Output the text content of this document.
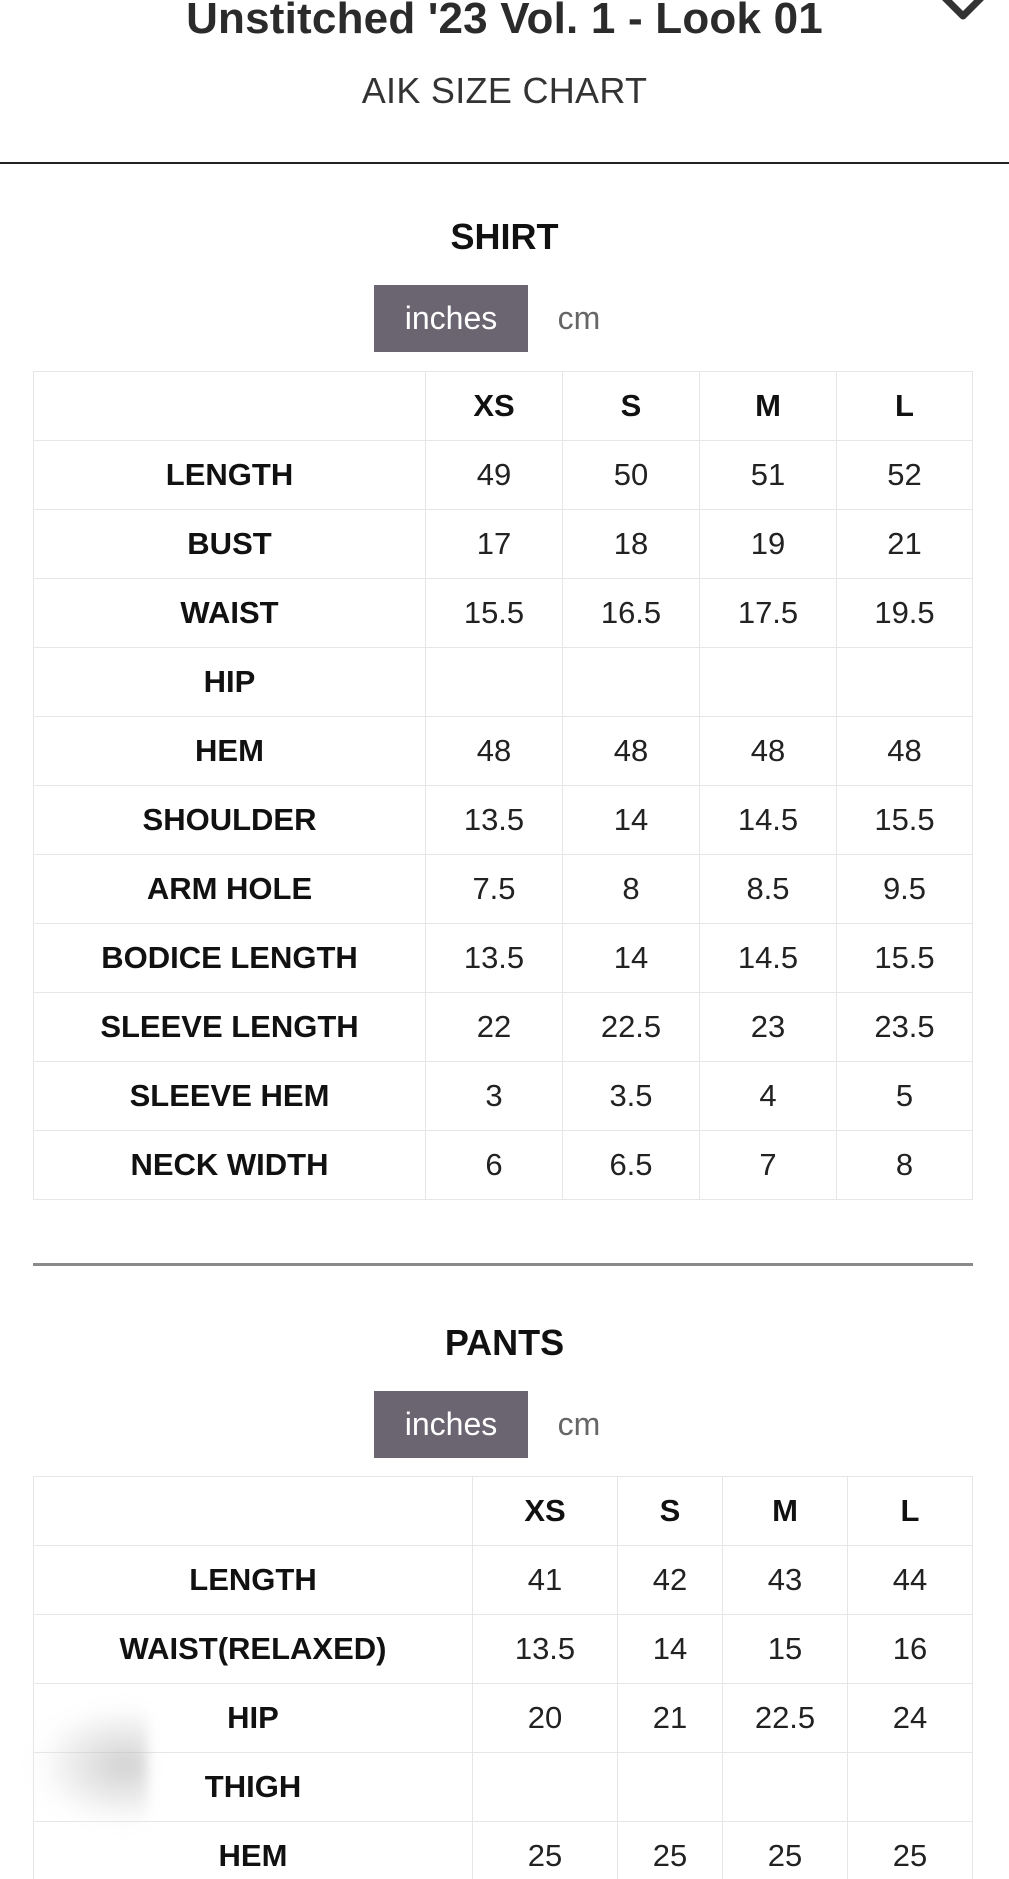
Unstitched '23 Vol. 1 - Look 01
AIK SIZE CHART
SHIRT
inches	cm
	XS	S	M	L
LENGTH	49	50	51	52
BUST	17	18	19	21
WAIST	15.5	16.5	17.5	19.5
HIP				
HEM	48	48	48	48
SHOULDER	13.5	14	14.5	15.5
ARM HOLE	7.5	8	8.5	9.5
BODICE LENGTH	13.5	14	14.5	15.5
SLEEVE LENGTH	22	22.5	23	23.5
SLEEVE HEM	3	3.5	4	5
NECK WIDTH	6	6.5	7	8
PANTS
inches	cm
	XS	S	M	L
LENGTH	41	42	43	44
WAIST(RELAXED)	13.5	14	15	16
HIP	20	21	22.5	24
THIGH				
HEM	25	25	25	25
